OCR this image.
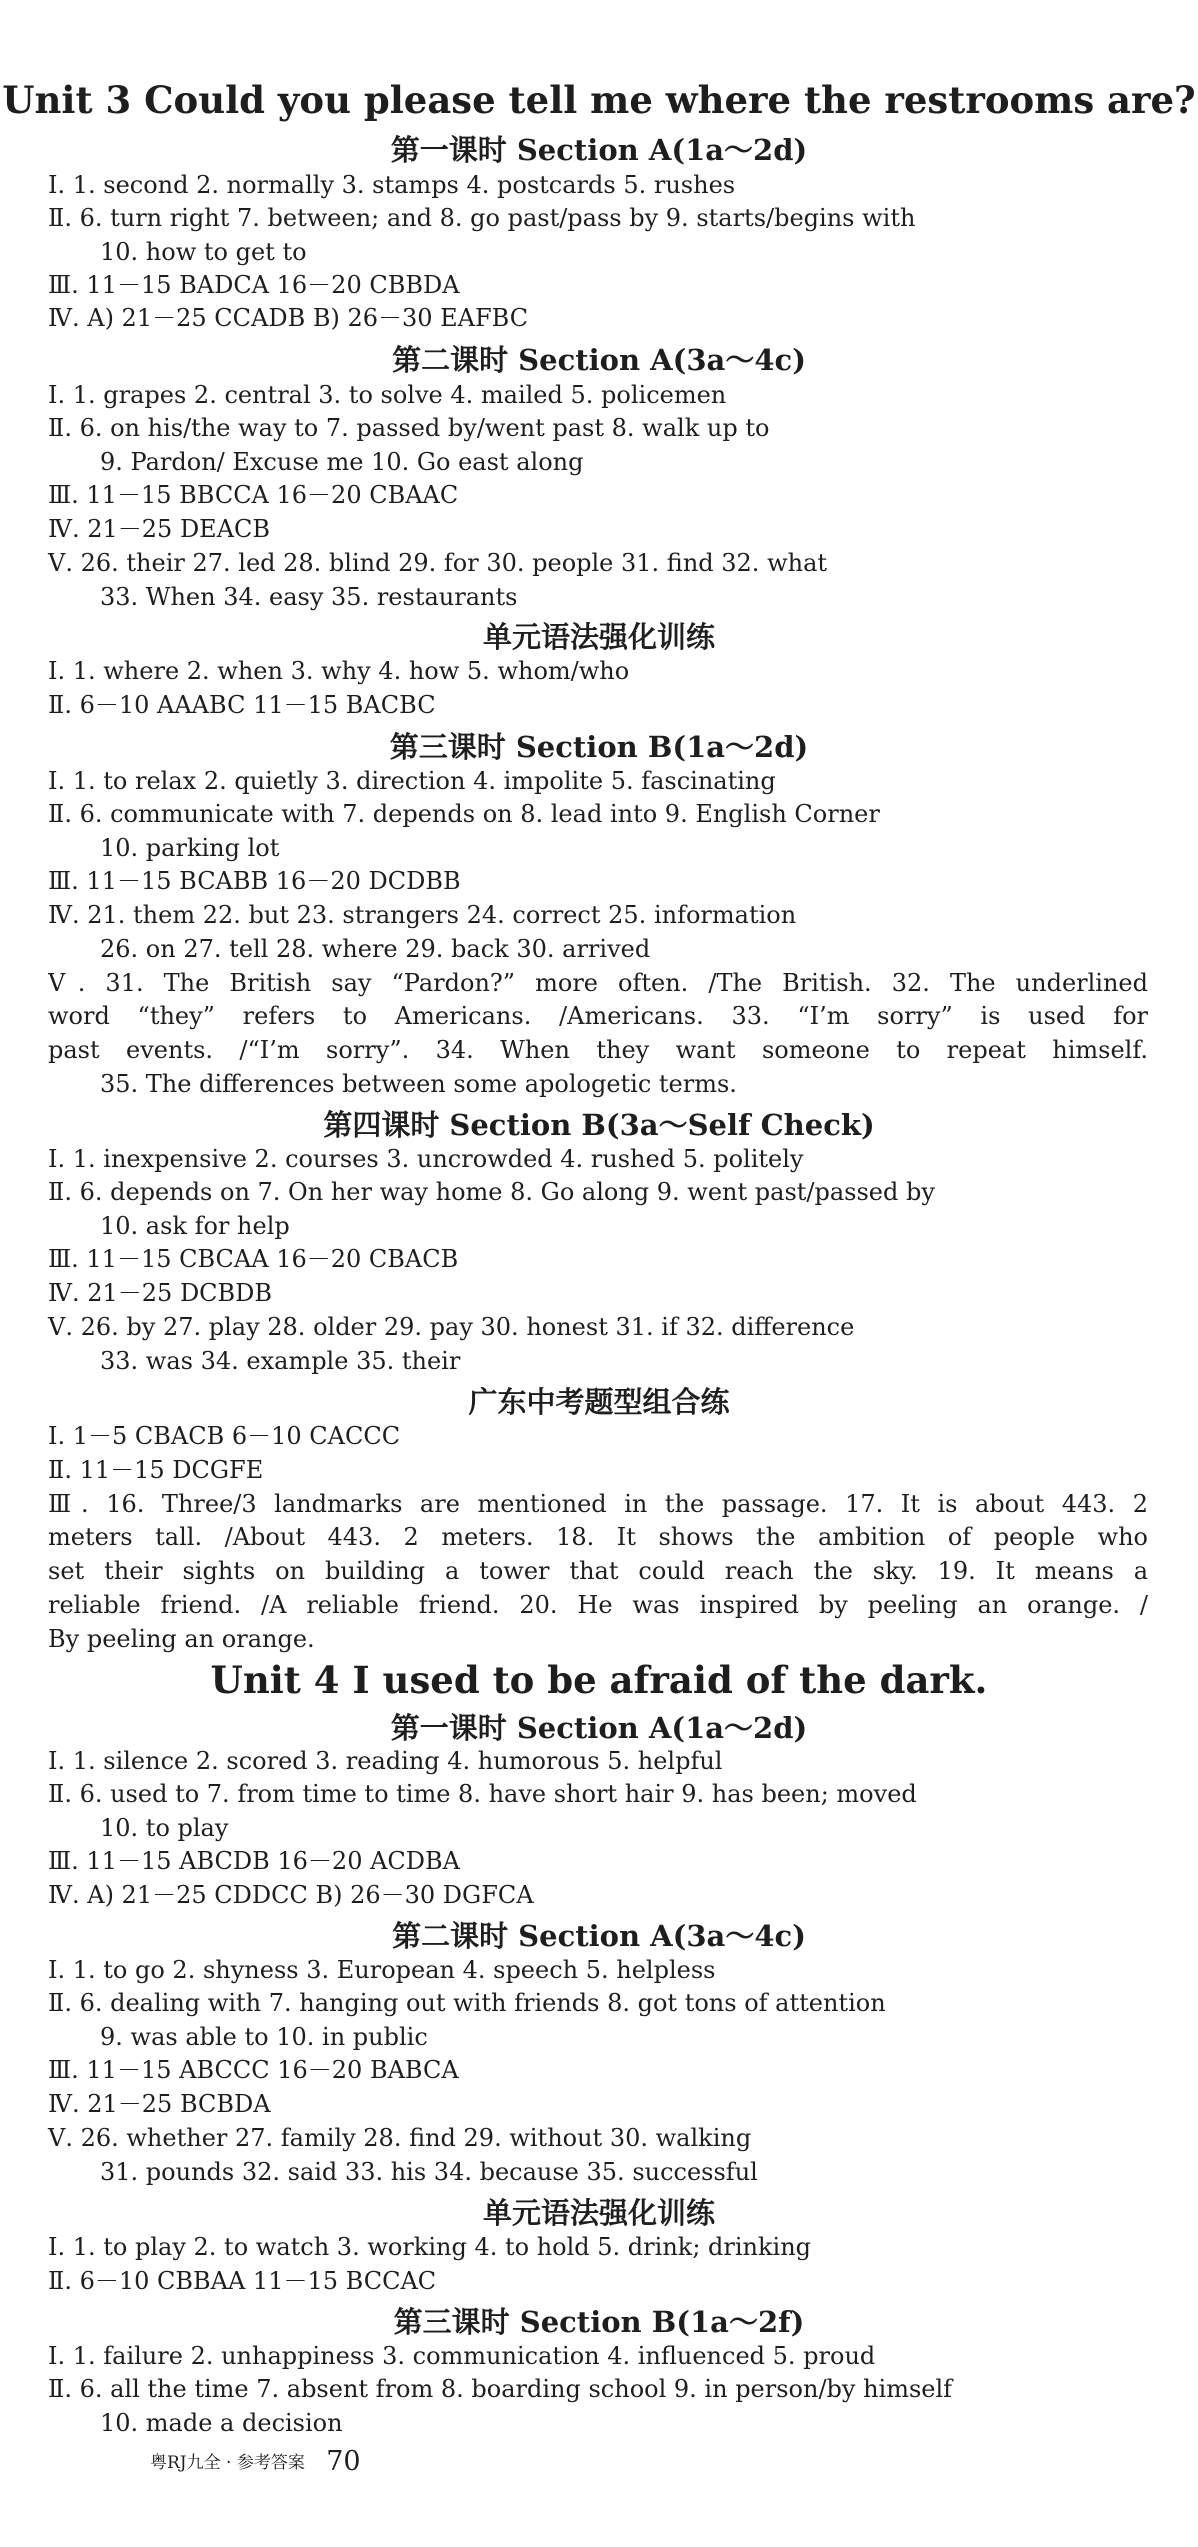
Unit 3 Could you please tell me where the restrooms are?
第一课时 Section A(1a～2d)
Ⅰ. 1. second 2. normally 3. stamps 4. postcards 5. rushes
Ⅱ. 6. turn right 7. between; and 8. go past/pass by 9. starts/begins with
10. how to get to
Ⅲ. 11－15 BADCA 16－20 CBBDA
Ⅳ. A) 21－25 CCADB B) 26－30 EAFBC
第二课时 Section A(3a～4c)
Ⅰ. 1. grapes 2. central 3. to solve 4. mailed 5. policemen
Ⅱ. 6. on his/the way to 7. passed by/went past 8. walk up to
9. Pardon/ Excuse me 10. Go east along
Ⅲ. 11－15 BBCCA 16－20 CBAAC
Ⅳ. 21－25 DEACB
Ⅴ. 26. their 27. led 28. blind 29. for 30. people 31. find 32. what
33. When 34. easy 35. restaurants
单元语法强化训练
Ⅰ. 1. where 2. when 3. why 4. how 5. whom/who
Ⅱ. 6－10 AAABC 11－15 BACBC
第三课时 Section B(1a～2d)
Ⅰ. 1. to relax 2. quietly 3. direction 4. impolite 5. fascinating
Ⅱ. 6. communicate with 7. depends on 8. lead into 9. English Corner
10. parking lot
Ⅲ. 11－15 BCABB 16－20 DCDBB
Ⅳ. 21. them 22. but 23. strangers 24. correct 25. information
26. on 27. tell 28. where 29. back 30. arrived
Ⅴ. 31. The British say “Pardon?” more often. /The British. 32. The underlined
word “they” refers to Americans. /Americans. 33. “I’m sorry” is used for
past events. /“I’m sorry”. 34. When they want someone to repeat himself.
35. The differences between some apologetic terms.
第四课时 Section B(3a～Self Check)
Ⅰ. 1. inexpensive 2. courses 3. uncrowded 4. rushed 5. politely
Ⅱ. 6. depends on 7. On her way home 8. Go along 9. went past/passed by
10. ask for help
Ⅲ. 11－15 CBCAA 16－20 CBACB
Ⅳ. 21－25 DCBDB
Ⅴ. 26. by 27. play 28. older 29. pay 30. honest 31. if 32. difference
33. was 34. example 35. their
广东中考题型组合练
Ⅰ. 1－5 CBACB 6－10 CACCC
Ⅱ. 11－15 DCGFE
Ⅲ. 16. Three/3 landmarks are mentioned in the passage. 17. It is about 443. 2
meters tall. /About 443. 2 meters. 18. It shows the ambition of people who
set their sights on building a tower that could reach the sky. 19. It means a
reliable friend. /A reliable friend. 20. He was inspired by peeling an orange. /
By peeling an orange.
Unit 4 I used to be afraid of the dark.
第一课时 Section A(1a～2d)
Ⅰ. 1. silence 2. scored 3. reading 4. humorous 5. helpful
Ⅱ. 6. used to 7. from time to time 8. have short hair 9. has been; moved
10. to play
Ⅲ. 11－15 ABCDB 16－20 ACDBA
Ⅳ. A) 21－25 CDDCC B) 26－30 DGFCA
第二课时 Section A(3a～4c)
Ⅰ. 1. to go 2. shyness 3. European 4. speech 5. helpless
Ⅱ. 6. dealing with 7. hanging out with friends 8. got tons of attention
9. was able to 10. in public
Ⅲ. 11－15 ABCCC 16－20 BABCA
Ⅳ. 21－25 BCBDA
Ⅴ. 26. whether 27. family 28. find 29. without 30. walking
31. pounds 32. said 33. his 34. because 35. successful
单元语法强化训练
Ⅰ. 1. to play 2. to watch 3. working 4. to hold 5. drink; drinking
Ⅱ. 6－10 CBBAA 11－15 BCCAC
第三课时 Section B(1a～2f)
Ⅰ. 1. failure 2. unhappiness 3. communication 4. influenced 5. proud
Ⅱ. 6. all the time 7. absent from 8. boarding school 9. in person/by himself
10. made a decision
粤RJ九全 · 参考答案 70
